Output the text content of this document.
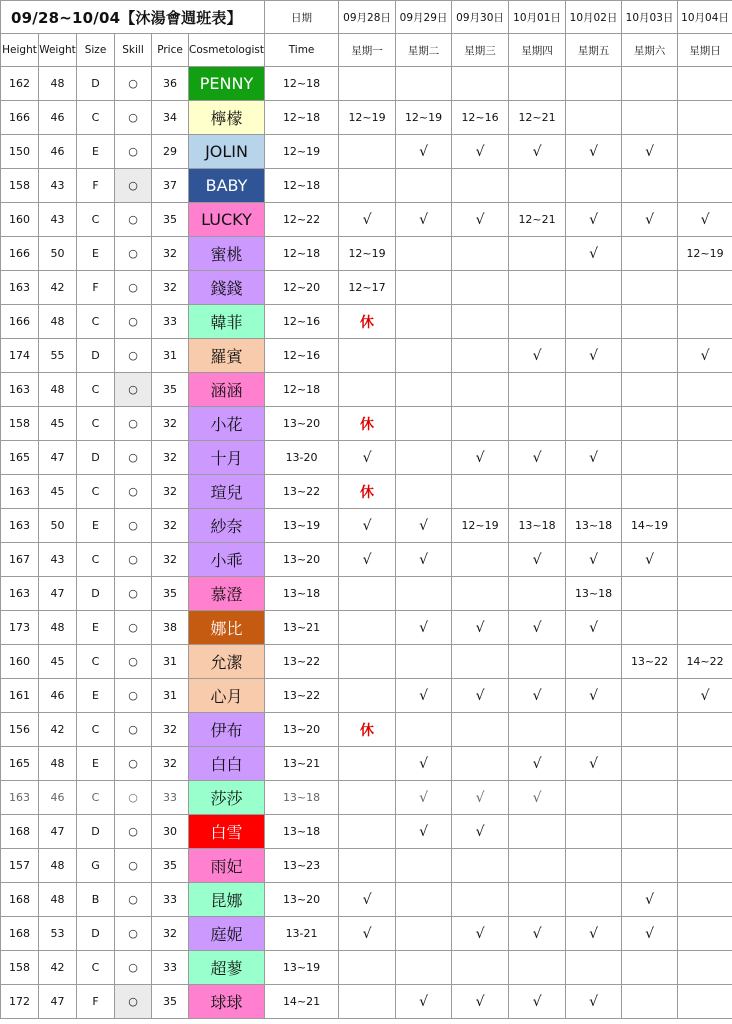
09/28~10/04【沐湯會週班表】						日期	09月28日	09月29日	09月30日	10月01日	10月02日	10月03日	10月04日
Height	Weight	Size	Skill	Price	Cosmetologist	Time	星期一	星期二	星期三	星期四	星期五	星期六	星期日
162	48	D	○	36	PENNY	12~18							
166	46	C	○	34	檸檬	12~18	12~19	12~19	12~16	12~21			
150	46	E	○	29	JOLIN	12~19		√	√	√	√	√	
158	43	F	○	37	BABY	12~18							
160	43	C	○	35	LUCKY	12~22	√	√	√	12~21	√	√	√
166	50	E	○	32	蜜桃	12~18	12~19				√		12~19
163	42	F	○	32	錢錢	12~20	12~17						
166	48	C	○	33	韓菲	12~16	休						
174	55	D	○	31	羅賓	12~16				√	√		√
163	48	C	○	35	涵涵	12~18							
158	45	C	○	32	小花	13~20	休						
165	47	D	○	32	十月	13-20	√		√	√	√		
163	45	C	○	32	瑄兒	13~22	休						
163	50	E	○	32	紗奈	13~19	√	√	12~19	13~18	13~18	14~19	
167	43	C	○	32	小乖	13~20	√	√		√	√	√	
163	47	D	○	35	慕澄	13~18					13~18		
173	48	E	○	38	娜比	13~21		√	√	√	√		
160	45	C	○	31	允潔	13~22						13~22	14~22
161	46	E	○	31	心月	13~22		√	√	√	√		√
156	42	C	○	32	伊布	13~20	休						
165	48	E	○	32	白白	13~21		√		√	√		
163	46	C	○	33	莎莎	13~18		√	√	√			
168	47	D	○	30	白雪	13~18		√	√				
157	48	G	○	35	雨妃	13~23							
168	48	B	○	33	昆娜	13~20	√					√	
168	53	D	○	32	庭妮	13-21	√		√	√	√	√	
158	42	C	○	33	超蓼	13~19							
172	47	F	○	35	球球	14~21		√	√	√	√		
